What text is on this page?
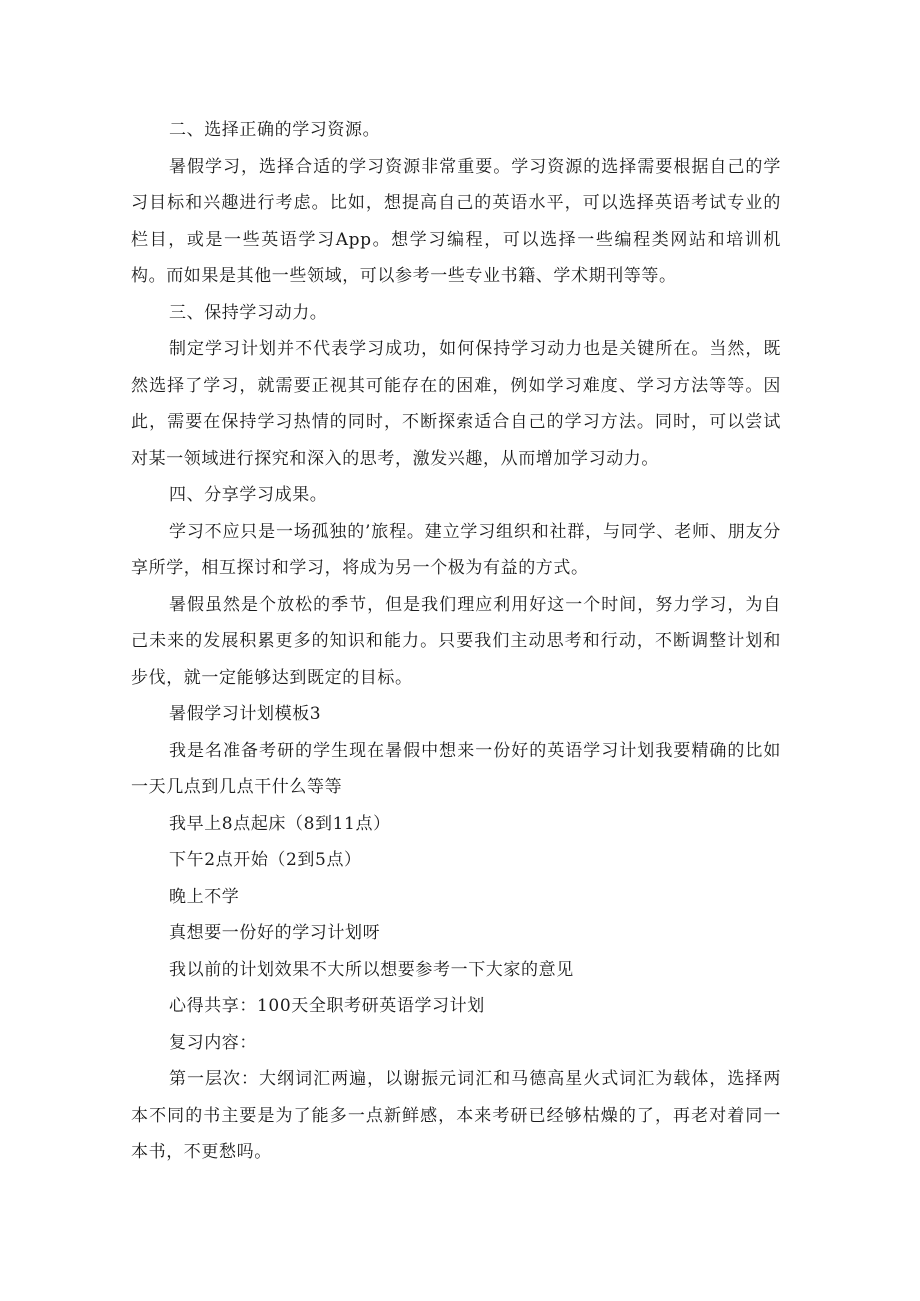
二、选择正确的学习资源。

暑假学习，选择合适的学习资源非常重要。学习资源的选择需要根据自己的学习目标和兴趣进行考虑。比如，想提高自己的英语水平，可以选择英语考试专业的栏目，或是一些英语学习App。想学习编程，可以选择一些编程类网站和培训机构。而如果是其他一些领域，可以参考一些专业书籍、学术期刊等等。

三、保持学习动力。

制定学习计划并不代表学习成功，如何保持学习动力也是关键所在。当然，既然选择了学习，就需要正视其可能存在的困难，例如学习难度、学习方法等等。因此，需要在保持学习热情的同时，不断探索适合自己的学习方法。同时，可以尝试对某一领域进行探究和深入的思考，激发兴趣，从而增加学习动力。

四、分享学习成果。

学习不应只是一场孤独的’旅程。建立学习组织和社群，与同学、老师、朋友分享所学，相互探讨和学习，将成为另一个极为有益的方式。

暑假虽然是个放松的季节，但是我们理应利用好这一个时间，努力学习，为自己未来的发展积累更多的知识和能力。只要我们主动思考和行动，不断调整计划和步伐，就一定能够达到既定的目标。

暑假学习计划模板3

我是名准备考研的学生现在暑假中想来一份好的英语学习计划我要精确的比如一天几点到几点干什么等等

我早上8点起床（8到11点）

下午2点开始（2到5点）

晚上不学

真想要一份好的学习计划呀

我以前的计划效果不大所以想要参考一下大家的意见

心得共享：100天全职考研英语学习计划

复习内容：

第一层次：大纲词汇两遍，以谢振元词汇和马德高星火式词汇为载体，选择两本不同的书主要是为了能多一点新鲜感，本来考研已经够枯燥的了，再老对着同一本书，不更愁吗。
